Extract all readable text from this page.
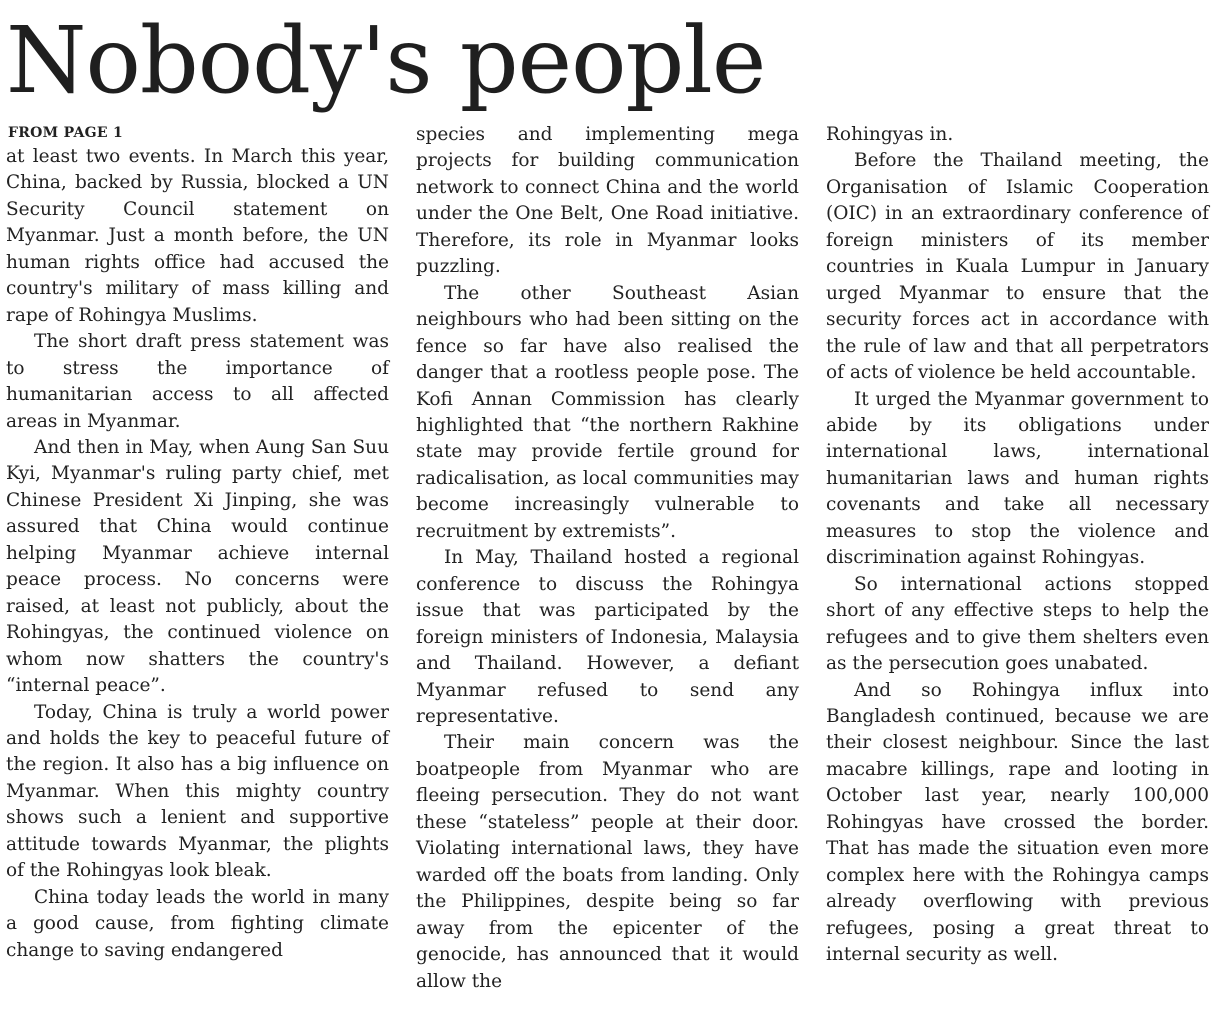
Nobody's people
FROM PAGE 1

at least two events. In March this year, China, backed by Russia, blocked a UN Security Council statement on Myanmar. Just a month before, the UN human rights office had accused the country's military of mass killing and rape of Rohingya Muslims.

The short draft press statement was to stress the importance of humanitarian access to all affected areas in Myanmar.

And then in May, when Aung San Suu Kyi, Myanmar's ruling party chief, met Chinese President Xi Jinping, she was assured that China would continue helping Myanmar achieve internal peace process. No concerns were raised, at least not publicly, about the Rohingyas, the continued violence on whom now shatters the country's “internal peace”.

Today, China is truly a world power and holds the key to peaceful future of the region. It also has a big influence on Myanmar. When this mighty country shows such a lenient and supportive attitude towards Myanmar, the plights of the Rohingyas look bleak.

China today leads the world in many a good cause, from fighting climate change to saving endangered

species and implementing mega projects for building communication network to connect China and the world under the One Belt, One Road initiative. Therefore, its role in Myanmar looks puzzling.

The other Southeast Asian neighbours who had been sitting on the fence so far have also realised the danger that a rootless people pose. The Kofi Annan Commission has clearly highlighted that “the northern Rakhine state may provide fertile ground for radicalisation, as local communities may become increasingly vulnerable to recruitment by extremists”.

In May, Thailand hosted a regional conference to discuss the Rohingya issue that was participated by the foreign ministers of Indonesia, Malaysia and Thailand. However, a defiant Myanmar refused to send any representative.

Their main concern was the boatpeople from Myanmar who are fleeing persecution. They do not want these “stateless” people at their door. Violating international laws, they have warded off the boats from landing. Only the Philippines, despite being so far away from the epicenter of the genocide, has announced that it would allow the

Rohingyas in.

Before the Thailand meeting, the Organisation of Islamic Cooperation (OIC) in an extraordinary conference of foreign ministers of its member countries in Kuala Lumpur in January urged Myanmar to ensure that the security forces act in accordance with the rule of law and that all perpetrators of acts of violence be held accountable.

It urged the Myanmar government to abide by its obligations under international laws, international humanitarian laws and human rights covenants and take all necessary measures to stop the violence and discrimination against Rohingyas.

So international actions stopped short of any effective steps to help the refugees and to give them shelters even as the persecution goes unabated.

And so Rohingya influx into Bangladesh continued, because we are their closest neighbour. Since the last macabre killings, rape and looting in October last year, nearly 100,000 Rohingyas have crossed the border. That has made the situation even more complex here with the Rohingya camps already overflowing with previous refugees, posing a great threat to internal security as well.
